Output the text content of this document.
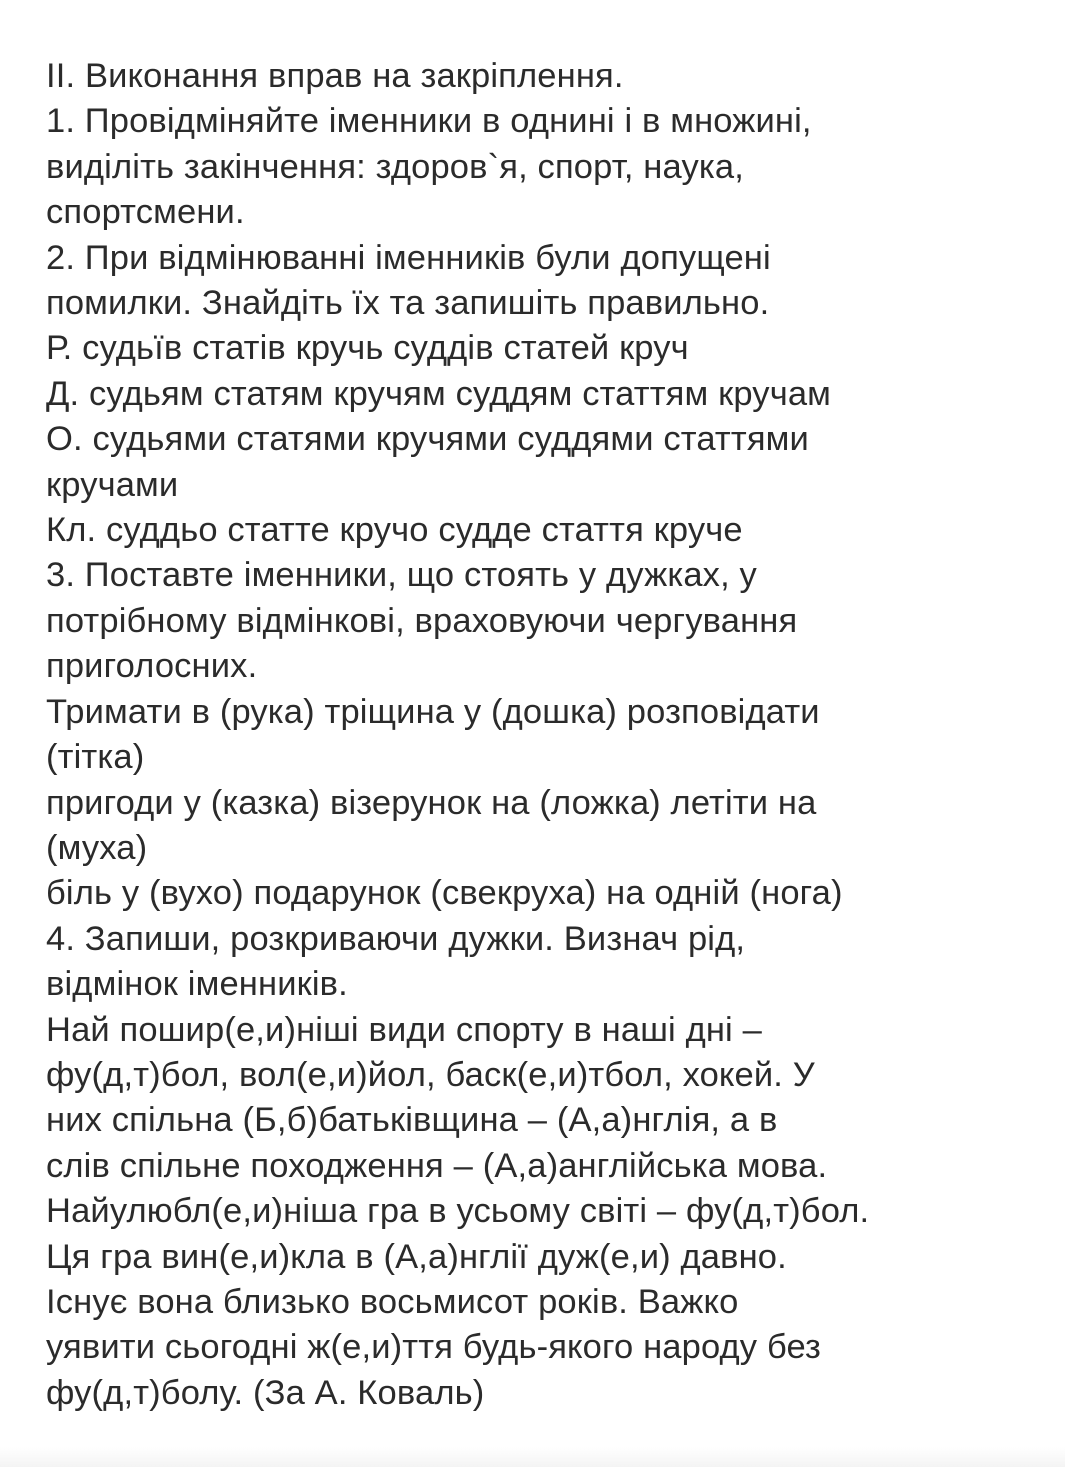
II. Виконання вправ на закріплення.
1. Провідміняйте іменники в однині і в множині,
виділіть закінчення: здоров`я, спорт, наука,
спортсмени.
2. При відмінюванні іменників були допущені
помилки. Знайдіть їх та запишіть правильно.
Р. судьїв статів кручь суддів статей круч
Д. судьям статям кручям суддям статтям кручам
О. судьями статями кручями суддями статтями
кручами
Кл. суддьо статте кручо судде стаття круче
3. Поставте іменники, що стоять у дужках, у
потрібному відмінкові, враховуючи чергування
приголосних.
Тримати в (рука) тріщина у (дошка) розповідати
(тітка)
пригоди у (казка) візерунок на (ложка) летіти на
(муха)
біль у (вухо) подарунок (свекруха) на одній (нога)
4. Запиши, розкриваючи дужки. Визнач рід,
відмінок іменників.
Най пошир(е,и)ніші види спорту в наші дні –
фу(д,т)бол, вол(е,и)йол, баск(е,и)тбол, хокей. У
них спільна (Б,б)батьківщина – (А,а)нглія, а в
слів спільне походження – (А,а)англійська мова.
Найулюбл(е,и)ніша гра в усьому світі – фу(д,т)бол.
Ця гра вин(е,и)кла в (А,а)нглії дуж(е,и) давно.
Існує вона близько восьмисот років. Важко
уявити сьогодні ж(е,и)ття будь-якого народу без
фу(д,т)болу. (За А. Коваль)
